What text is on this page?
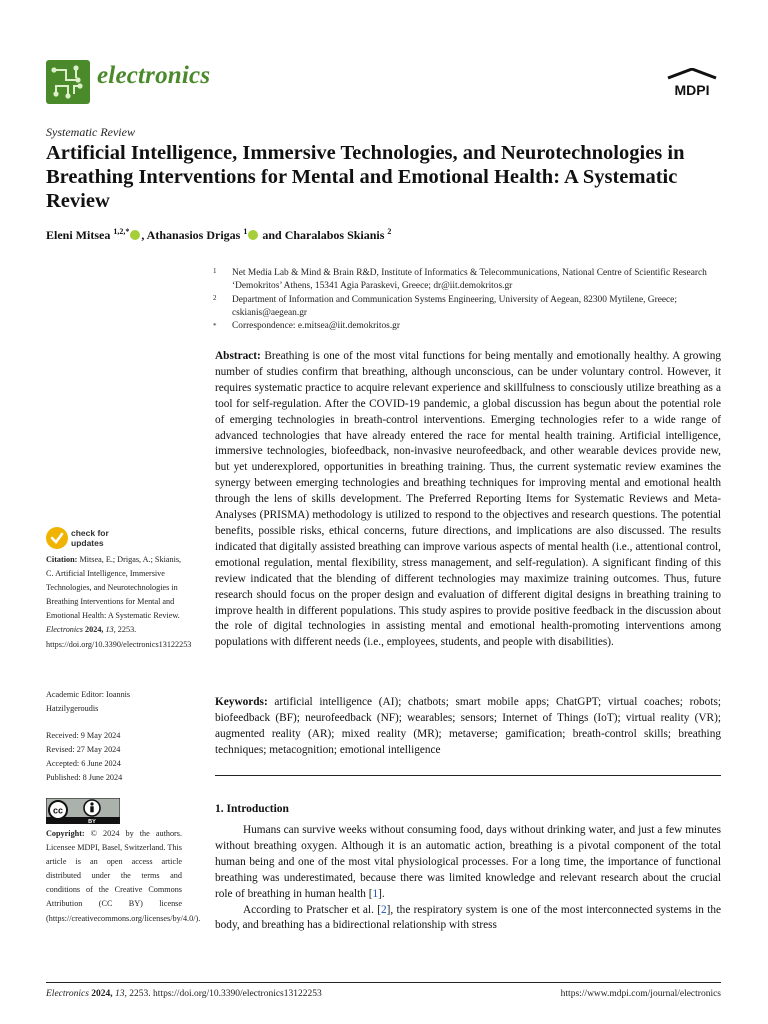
electronics
MDPI
Systematic Review
Artificial Intelligence, Immersive Technologies, and Neurotechnologies in Breathing Interventions for Mental and Emotional Health: A Systematic Review
Eleni Mitsea $^{1,2,*}$ , Athanasios Drigas $^1$ and Charalabos Skianis $^2$
1	Net Media Lab & Mind & Brain R&D, Institute of Informatics & Telecommunications, National Centre of Scientific Research ‘Demokritos’ Athens, 15341 Agia Paraskevi, Greece; dr@iit.demokritos.gr
2	Department of Information and Communication Systems Engineering, University of Aegean, 82300 Mytilene, Greece; cskianis@aegean.gr
*	Correspondence: e.mitsea@iit.demokritos.gr
Abstract: Breathing is one of the most vital functions for being mentally and emotionally healthy. A growing number of studies confirm that breathing, although unconscious, can be under voluntary control. However, it requires systematic practice to acquire relevant experience and skillfulness to consciously utilize breathing as a tool for self-regulation. After the COVID-19 pandemic, a global discussion has begun about the potential role of emerging technologies in breath-control interventions. Emerging technologies refer to a wide range of advanced technologies that have already entered the race for mental health training. Artificial intelligence, immersive technologies, biofeedback, non-invasive neurofeedback, and other wearable devices provide new, but yet underexplored, opportunities in breathing training. Thus, the current systematic review examines the synergy between emerging technologies and breathing techniques for improving mental and emotional health through the lens of skills development. The Preferred Reporting Items for Systematic Reviews and Meta-Analyses (PRISMA) methodology is utilized to respond to the objectives and research questions. The potential benefits, possible risks, ethical concerns, future directions, and implications are also discussed. The results indicated that digitally assisted breathing can improve various aspects of mental health (i.e., attentional control, emotional regulation, mental flexibility, stress management, and self-regulation). A significant finding of this review indicated that the blending of different technologies may maximize training outcomes. Thus, future research should focus on the proper design and evaluation of different digital designs in breathing training to improve health in different populations. This study aspires to provide positive feedback in the discussion about the role of digital technologies in assisting mental and emotional health-promoting interventions among populations with different needs (i.e., employees, students, and people with disabilities).
Keywords: artificial intelligence (AI); chatbots; smart mobile apps; ChatGPT; virtual coaches; robots; biofeedback (BF); neurofeedback (NF); wearables; sensors; Internet of Things (IoT); virtual reality (VR); augmented reality (AR); mixed reality (MR); metaverse; gamification; breath-control skills; breathing techniques; metacognition; emotional intelligence
1. Introduction

Humans can survive weeks without consuming food, days without drinking water, and just a few minutes without breathing oxygen. Although it is an automatic action, breathing is a pivotal component of the total human being and one of the most vital physiological processes. For a long time, the importance of functional breathing was underestimated, because there was limited knowledge and relevant research about the crucial role of breathing in human health [1].

According to Pratscher et al. [2], the respiratory system is one of the most interconnected systems in the body, and breathing has a bidirectional relationship with stress

check for
updates
Citation: Mitsea, E.; Drigas, A.; Skianis, C. Artificial Intelligence, Immersive Technologies, and Neurotechnologies in Breathing Interventions for Mental and Emotional Health: A Systematic Review. Electronics 2024, 13, 2253. https://doi.org/10.3390/electronics13122253
Academic Editor: Ioannis Hatzilygeroudis
Received: 9 May 2024
Revised: 27 May 2024
Accepted: 6 June 2024
Published: 8 June 2024
cc
BY
Copyright: © 2024 by the authors. Licensee MDPI, Basel, Switzerland. This article is an open access article distributed under the terms and conditions of the Creative Commons Attribution (CC BY) license (https://creativecommons.org/licenses/by/4.0/).
Electronics 2024, 13, 2253. https://doi.org/10.3390/electronics13122253	https://www.mdpi.com/journal/electronics
